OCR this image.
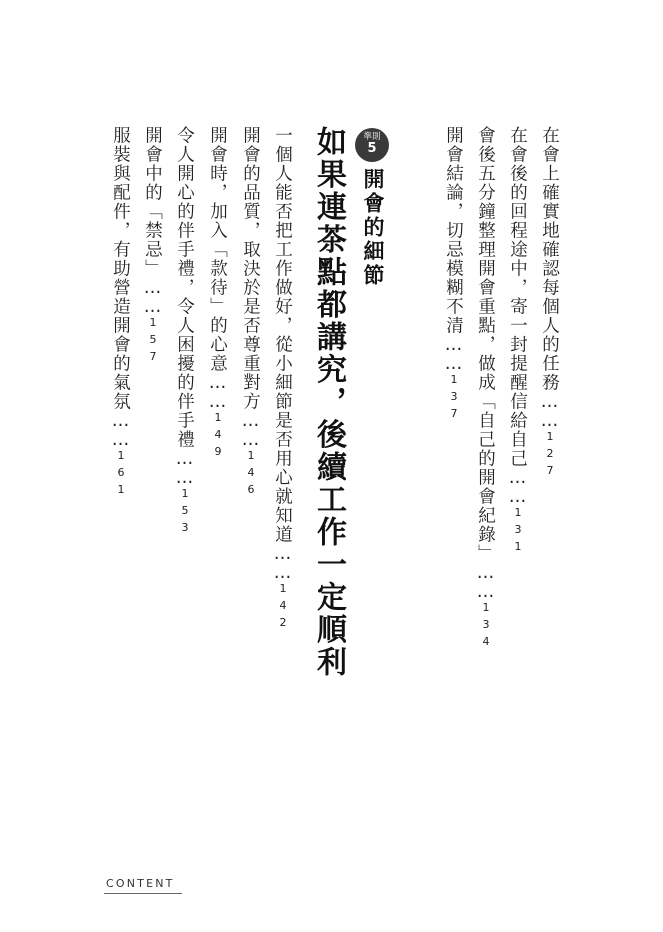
在會上確實地確認每個人的任務……127
在會後的回程途中，寄一封提醒信給自己……131
會後五分鐘整理開會重點，做成「自己的開會紀錄」……134
開會結論，切忌模糊不清……137
準則
5
開會的細節
如果連茶點都講究，後續工作一定順利
一個人能否把工作做好，從小細節是否用心就知道……142
開會的品質，取決於是否尊重對方……146
開會時，加入「款待」的心意……149
令人開心的伴手禮，令人困擾的伴手禮……153
開會中的「禁忌」……157
服裝與配件，有助營造開會的氣氛……161
CONTENT
